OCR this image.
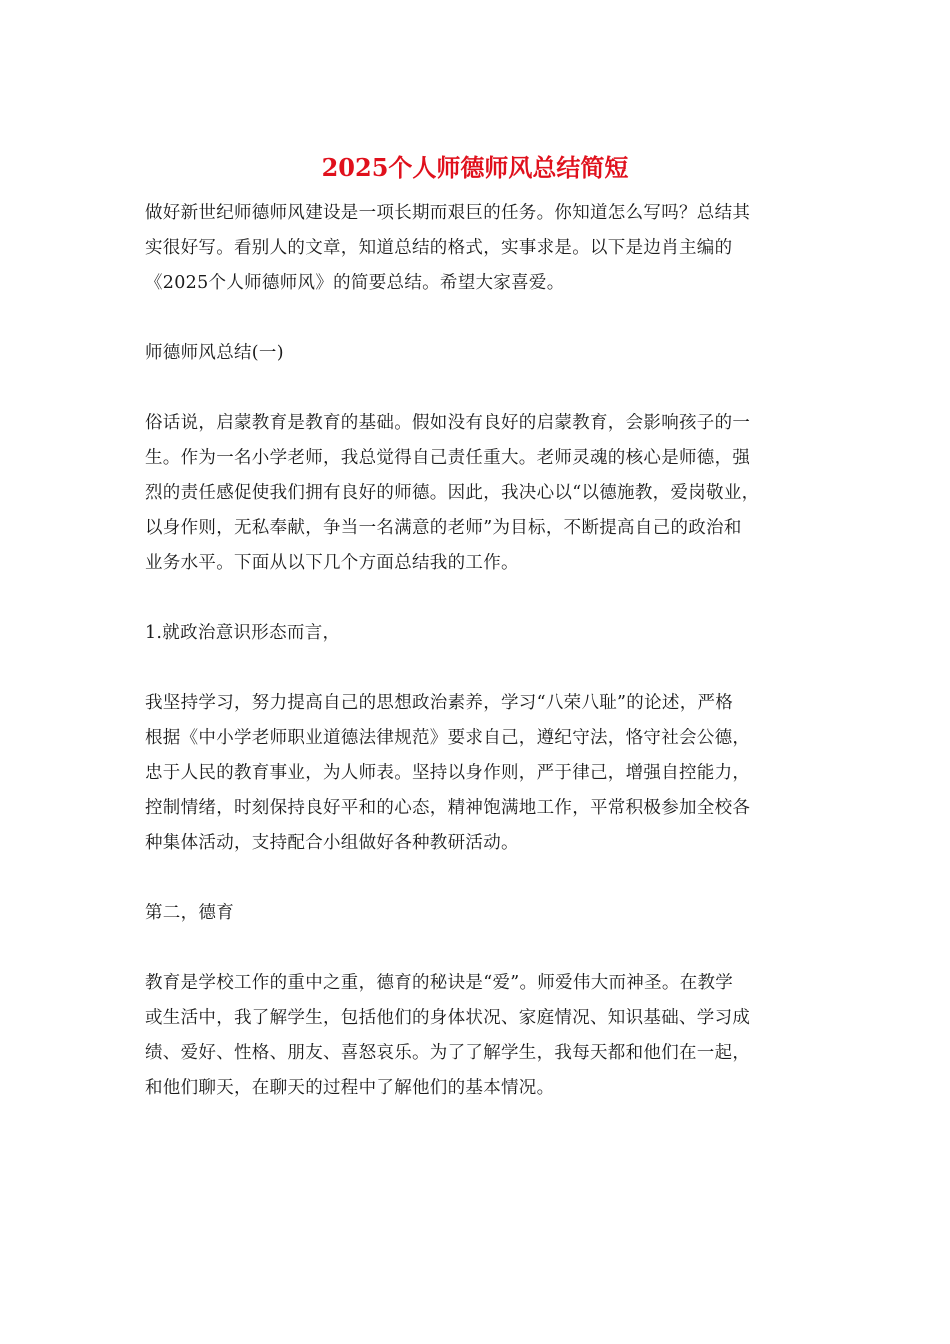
2025个人师德师风总结简短
做好新世纪师德师风建设是一项长期而艰巨的任务。你知道怎么写吗？总结其
实很好写。看别人的文章，知道总结的格式，实事求是。以下是边肖主编的
《2025个人师德师风》的简要总结。希望大家喜爱。
师德师风总结(一)
俗话说，启蒙教育是教育的基础。假如没有良好的启蒙教育，会影响孩子的一
生。作为一名小学老师，我总觉得自己责任重大。老师灵魂的核心是师德，强
烈的责任感促使我们拥有良好的师德。因此，我决心以“以德施教，爱岗敬业，
以身作则，无私奉献，争当一名满意的老师”为目标，不断提高自己的政治和
业务水平。下面从以下几个方面总结我的工作。
1.就政治意识形态而言，
我坚持学习，努力提高自己的思想政治素养，学习“八荣八耻”的论述，严格
根据《中小学老师职业道德法律规范》要求自己，遵纪守法，恪守社会公德，
忠于人民的教育事业，为人师表。坚持以身作则，严于律己，增强自控能力，
控制情绪，时刻保持良好平和的心态，精神饱满地工作，平常积极参加全校各
种集体活动，支持配合小组做好各种教研活动。
第二，德育
教育是学校工作的重中之重，德育的秘诀是“爱”。师爱伟大而神圣。在教学
或生活中，我了解学生，包括他们的身体状况、家庭情况、知识基础、学习成
绩、爱好、性格、朋友、喜怒哀乐。为了了解学生，我每天都和他们在一起，
和他们聊天，在聊天的过程中了解他们的基本情况。
